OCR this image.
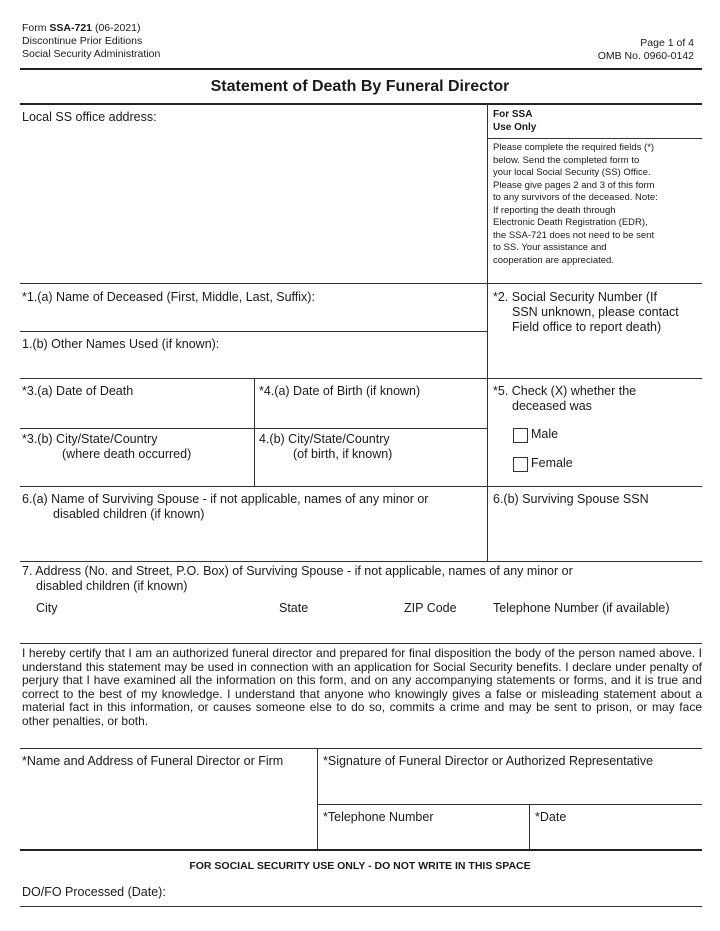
Form SSA-721 (06-2021)
Discontinue Prior Editions
Social Security Administration
Page 1 of 4
OMB No. 0960-0142
Statement of Death By Funeral Director
Local SS office address:	For SSA
Use Only
Please complete the required fields (*)
below. Send the completed form to
your local Social Security (SS) Office.
Please give pages 2 and 3 of this form
to any survivors of the deceased. Note:
If reporting the death through
Electronic Death Registration (EDR),
the SSA-721 does not need to be sent
to SS. Your assistance and
cooperation are appreciated.
*1.(a) Name of Deceased (First, Middle, Last, Suffix):
1.(b) Other Names Used (if known):
*2. Social Security Number (If
SSN unknown, please contact
Field office to report death)
*3.(a) Date of Death	*4.(a) Date of Birth (if known)
*3.(b) City/State/Country
(where death occurred)
4.(b) City/State/Country
(of birth, if known)
*5. Check (X) whether the
deceased was
Male
Female
6.(a) Name of Surviving Spouse - if not applicable, names of any minor or
disabled children (if known)
6.(b) Surviving Spouse SSN
7. Address (No. and Street, P.O. Box) of Surviving Spouse - if not applicable, names of any minor or
disabled children (if known)
City	State	ZIP Code	Telephone Number (if available)
I hereby certify that I am an authorized funeral director and prepared for final disposition the body of the person named above. I understand this statement may be used in connection with an application for Social Security benefits. I declare under penalty of perjury that I have examined all the information on this form, and on any accompanying statements or forms, and it is true and correct to the best of my knowledge. I understand that anyone who knowingly gives a false or misleading statement about a material fact in this information, or causes someone else to do so, commits a crime and may be sent to prison, or may face other penalties, or both.
*Name and Address of Funeral Director or Firm	*Signature of Funeral Director or Authorized Representative
*Telephone Number	*Date
FOR SOCIAL SECURITY USE ONLY - DO NOT WRITE IN THIS SPACE
DO/FO Processed (Date):
